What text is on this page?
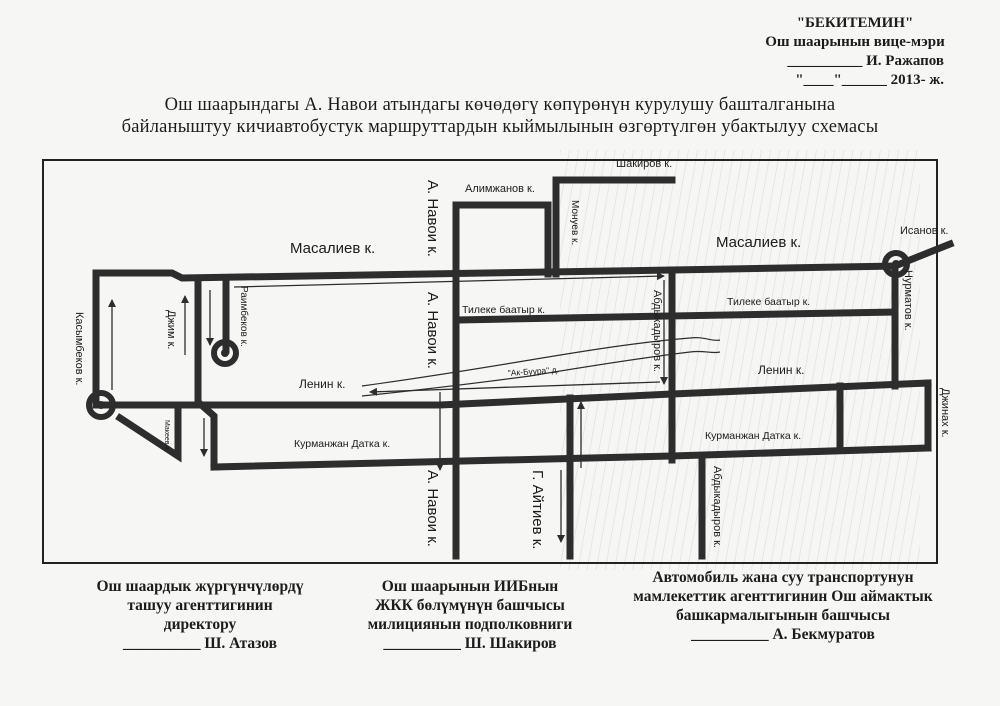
"БЕКИТЕМИН"
Ош шаарынын вице-мэри
__________ И. Ражапов
"____"______ 2013- ж.
Ош шаарындагы А. Навои атындагы көчөдөгү көпүрөнүн курулушу башталганына
байланыштуу кичиавтобустук маршруттардын кыймылынын өзгөртүлгөн убактылуу схемасы
Шакиров к.
Алимжанов к.
А. Навои к.	Монуев к.
Масалиев к.	Масалиев к.
Исанов к.
Нурматов к.
Касымбеков к.	Джим к.	Раимбеков к.	А. Навои к. Тилеке баатыр к.
Тилеке баатыр к.
Абдыкадыров к.
"Ак-Буура" д.
Ленин к.
Ленин к.
Джинах к.
Макеев к.	Курманжан Датка к.
Курманжан Датка к.
Абдыкадыров к.
А. Навои к.	Г. Айтиев к.
Ош шаардык жүргүнчүлөрдү
ташуу агенттигинин
директору
__________ Ш. Атазов
Ош шаарынын ИИБнын
ЖКК бөлүмүнүн башчысы
милициянын подполковниги
__________ Ш. Шакиров
Автомобиль жана суу транспортунун
мамлекеттик агенттигинин Ош аймактык
башкармалыгынын башчысы
__________ А. Бекмуратов
